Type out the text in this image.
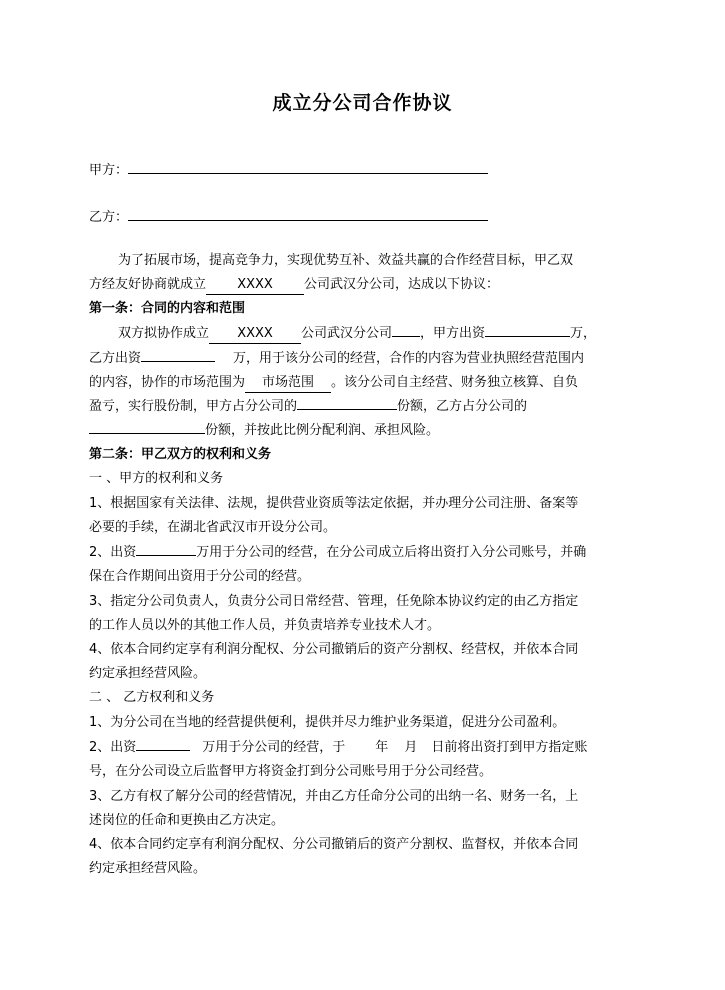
成立分公司合作协议
甲方：
乙方：
为了拓展市场，提高竞争力，实现优势互补、效益共赢的合作经营目标，甲乙双
方经友好协商就成立 XXXX 公司武汉分公司，达成以下协议：
第一条：合同的内容和范围
双方拟协作成立 XXXX 公司武汉分公司 ，甲方出资	万，
乙方出资	万，用于该分公司的经营，合作的内容为营业执照经营范围内
的内容，协作的市场范围为 市场范围 。该分公司自主经营、财务独立核算、自负
盈亏，实行股份制，甲方占分公司的	份额，乙方占分公司的
份额，并按此比例分配利润、承担风险。
第二条：甲乙双方的权利和义务
一 、甲方的权利和义务
1、根据国家有关法律、法规，提供营业资质等法定依据，并办理分公司注册、备案等
必要的手续，在湖北省武汉市开设分公司。
2、出资	万用于分公司的经营，在分公司成立后将出资打入分公司账号，并确
保在合作期间出资用于分公司的经营。
3、指定分公司负责人，负责分公司日常经营、管理，任免除本协议约定的由乙方指定
的工作人员以外的其他工作人员，并负责培养专业技术人才。
4、依本合同约定享有利润分配权、分公司撤销后的资产分割权、经营权，并依本合同
约定承担经营风险。
二 、 乙方权利和义务
1、为分公司在当地的经营提供便利，提供并尽力维护业务渠道，促进分公司盈利。
2、出资	万用于分公司的经营，于 年 月 日前将出资打到甲方指定账
号，在分公司设立后监督甲方将资金打到分公司账号用于分公司经营。
3、乙方有权了解分公司的经营情况，并由乙方任命分公司的出纳一名、财务一名，上
述岗位的任命和更换由乙方决定。
4、依本合同约定享有利润分配权、分公司撤销后的资产分割权、监督权，并依本合同
约定承担经营风险。
